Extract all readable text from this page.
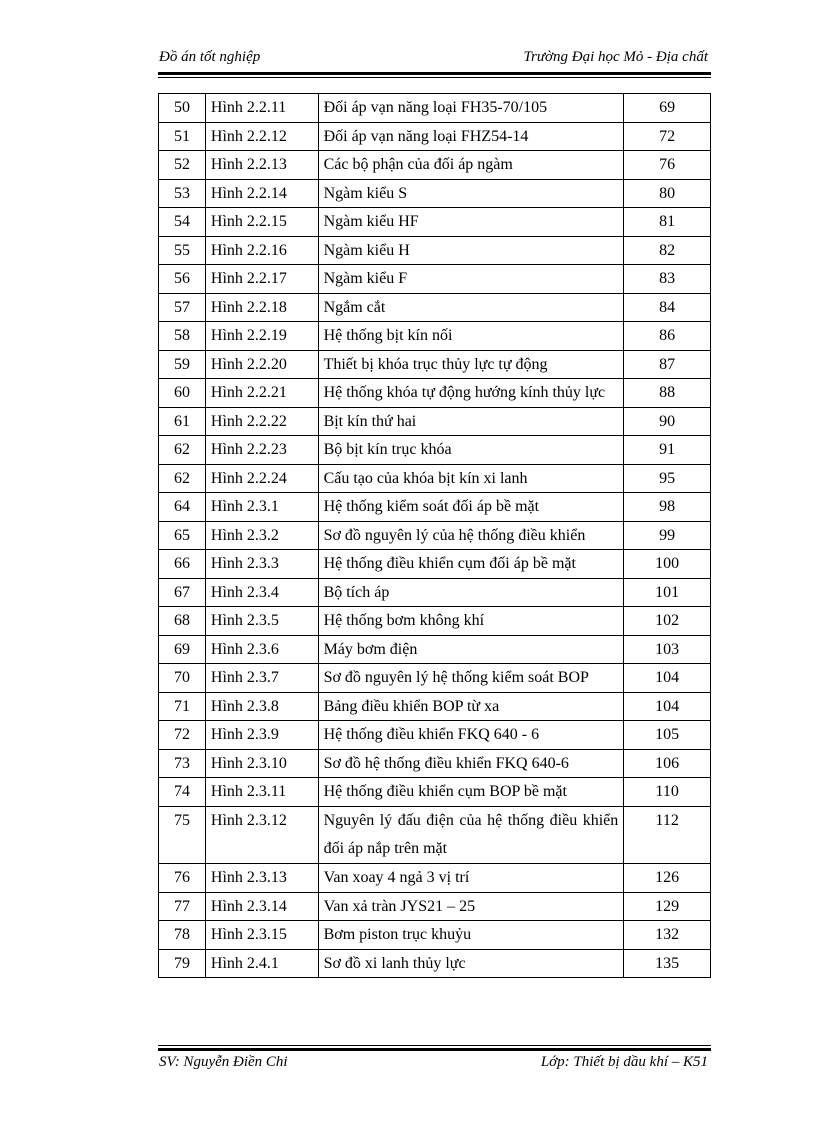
Đồ án tốt nghiệp	Trường Đại học Mỏ - Địa chất
50	Hình 2.2.11	Đối áp vạn năng loại FH35-70/105	69
51	Hình 2.2.12	Đối áp vạn năng loại FHZ54-14	72
52	Hình 2.2.13	Các bộ phận của đối áp ngàm	76
53	Hình 2.2.14	Ngàm kiểu S	80
54	Hình 2.2.15	Ngàm kiểu HF	81
55	Hình 2.2.16	Ngàm kiểu H	82
56	Hình 2.2.17	Ngàm kiểu F	83
57	Hình 2.2.18	Ngắm cắt	84
58	Hình 2.2.19	Hệ thống bịt kín nối	86
59	Hình 2.2.20	Thiết bị khóa trục thủy lực tự động	87
60	Hình 2.2.21	Hệ thống khóa tự động hướng kính thủy lực	88
61	Hình 2.2.22	Bịt kín thứ hai	90
62	Hình 2.2.23	Bộ bịt kín trục khóa	91
62	Hình 2.2.24	Cấu tạo của khóa bịt kín xi lanh	95
64	Hình 2.3.1	Hệ thống kiểm soát đối áp bề mặt	98
65	Hình 2.3.2	Sơ đồ nguyên lý của hệ thống điều khiển	99
66	Hình 2.3.3	Hệ thống điều khiển cụm đối áp bề mặt	100
67	Hình 2.3.4	Bộ tích áp	101
68	Hình 2.3.5	Hệ thống bơm không khí	102
69	Hình 2.3.6	Máy bơm điện	103
70	Hình 2.3.7	Sơ đồ nguyên lý hệ thống kiểm soát BOP	104
71	Hình 2.3.8	Bảng điều khiển BOP từ xa	104
72	Hình 2.3.9	Hệ thống điều khiển FKQ 640 - 6	105
73	Hình 2.3.10	Sơ đồ hệ thống điều khiển FKQ 640-6	106
74	Hình 2.3.11	Hệ thống điều khiển cụm BOP bề mặt	110
75	Hình 2.3.12	Nguyên lý đấu điện của hệ thống điều khiển đối áp nắp trên mặt	112
76	Hình 2.3.13	Van xoay 4 ngả 3 vị trí	126
77	Hình 2.3.14	Van xả tràn JYS21 – 25	129
78	Hình 2.3.15	Bơm piston trục khuỷu	132
79	Hình 2.4.1	Sơ đồ xi lanh thủy lực	135
SV: Nguyễn Điền Chi	Lớp: Thiết bị dầu khí – K51
